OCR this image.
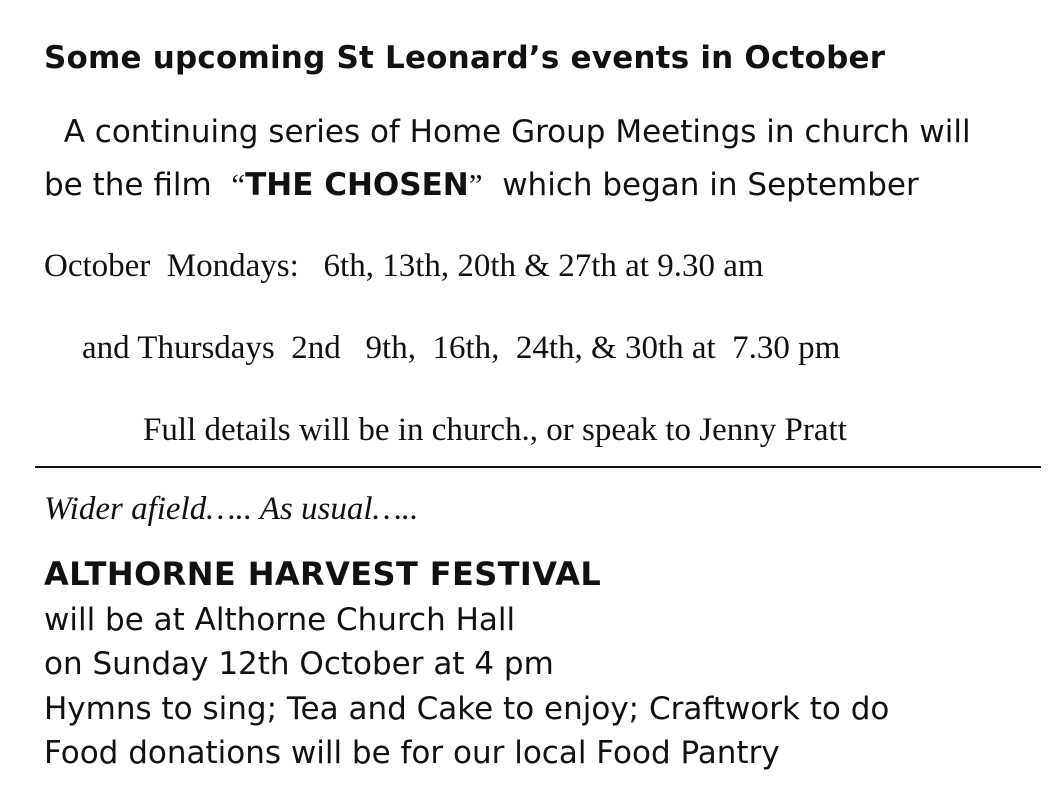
Some upcoming St Leonard’s events in October
A continuing series of Home Group Meetings in church will
be the film “THE CHOSEN” which began in September
October  Mondays:   6th, 13th, 20th & 27th at 9.30 am
and Thursdays  2nd   9th,  16th,  24th, & 30th at  7.30 pm
Full details will be in church., or speak to Jenny Pratt
Wider afield….. As usual…..
ALTHORNE HARVEST FESTIVAL
will be at Althorne Church Hall
on Sunday 12th October at 4 pm
Hymns to sing; Tea and Cake to enjoy; Craftwork to do
Food donations will be for our local Food Pantry
